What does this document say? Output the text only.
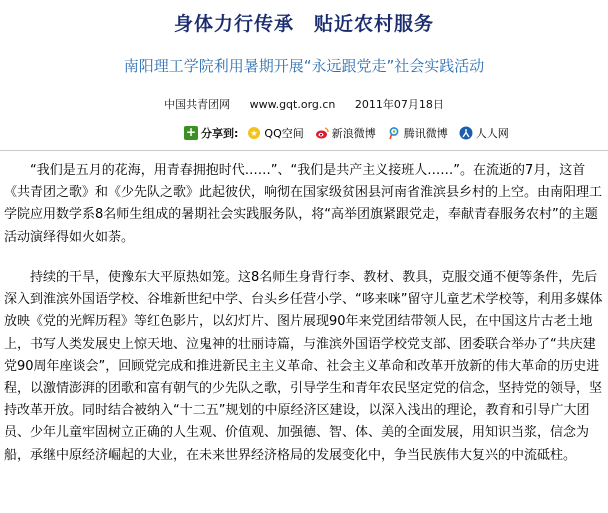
身体力行传承　贴近农村服务
南阳理工学院利用暑期开展“永远跟党走”社会实践活动
中国共青团网 www.gqt.org.cn 2011年07月18日
+ 分享到: QQ空间	新浪微博	腾讯微博	人人网

“我们是五月的花海，用青春拥抱时代……”、“我们是共产主义接班人……”。在流逝的7月，这首《共青团之歌》和《少先队之歌》此起彼伏，响彻在国家级贫困县河南省淮滨县乡村的上空。由南阳理工学院应用数学系8名师生组成的暑期社会实践服务队，将“高举团旗紧跟党走，奉献青春服务农村”的主题活动演绎得如火如荼。

持续的干旱，使豫东大平原热如笼。这8名师生身背行李、教材、教具，克服交通不便等条件，先后深入到淮滨外国语学校、谷堆新世纪中学、台头乡任营小学、“哆来咪”留守儿童艺术学校等，利用多媒体放映《党的光辉历程》等红色影片，以幻灯片、图片展现90年来党团结带领人民，在中国这片古老土地上，书写人类发展史上惊天地、泣鬼神的壮丽诗篇，与淮滨外国语学校党支部、团委联合举办了“共庆建党90周年座谈会”，回顾党完成和推进新民主主义革命、社会主义革命和改革开放新的伟大革命的历史进程，以激情澎湃的团歌和富有朝气的少先队之歌，引导学生和青年农民坚定党的信念，坚持党的领导，坚持改革开放。同时结合被纳入“十二五”规划的中原经济区建设，以深入浅出的理论，教育和引导广大团员、少年儿童牢固树立正确的人生观、价值观、加强德、智、体、美的全面发展，用知识当浆，信念为船，承继中原经济崛起的大业，在未来世界经济格局的发展变化中，争当民族伟大复兴的中流砥柱。
